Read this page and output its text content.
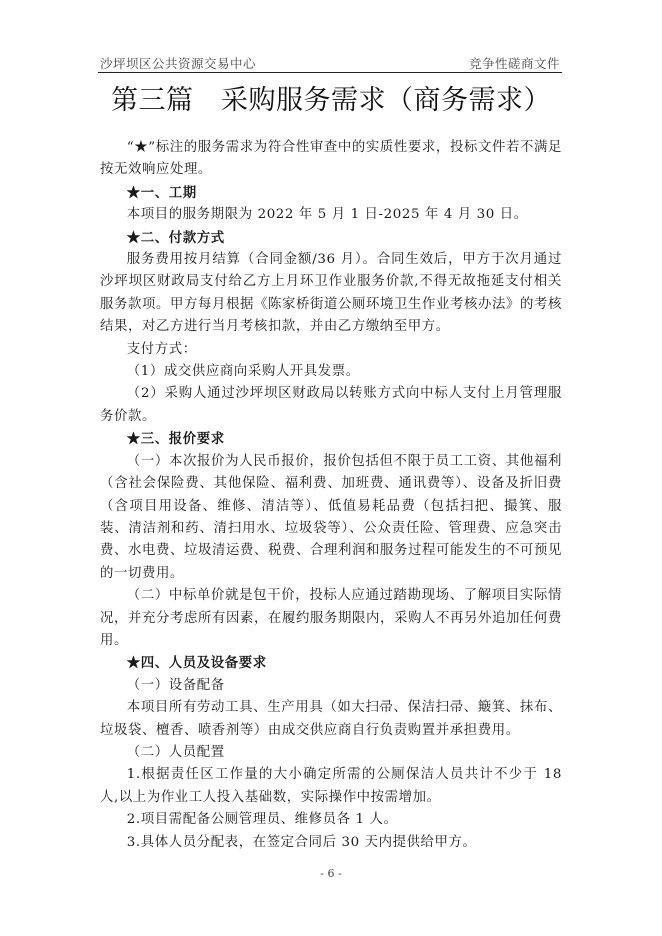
沙坪坝区公共资源交易中心	竞争性磋商文件
第三篇　采购服务需求（商务需求）

“★”标注的服务需求为符合性审查中的实质性要求，投标文件若不满足按无效响应处理。

★一、工期

本项目的服务期限为 2022 年 5 月 1 日-2025 年 4 月 30 日。

★二、付款方式

服务费用按月结算（合同金额/36 月）。合同生效后，甲方于次月通过沙坪坝区财政局支付给乙方上月环卫作业服务价款,不得无故拖延支付相关服务款项。甲方每月根据《陈家桥街道公厕环境卫生作业考核办法》的考核结果，对乙方进行当月考核扣款，并由乙方缴纳至甲方。

支付方式：

（1）成交供应商向采购人开具发票。

（2）采购人通过沙坪坝区财政局以转账方式向中标人支付上月管理服务价款。

★三、报价要求

（一）本次报价为人民币报价，报价包括但不限于员工工资、其他福利（含社会保险费、其他保险、福利费、加班费、通讯费等）、设备及折旧费（含项目用设备、维修、清洁等）、低值易耗品费（包括扫把、撮箕、服装、清洁剂和药、清扫用水、垃圾袋等）、公众责任险、管理费、应急突击费、水电费、垃圾清运费、税费、合理利润和服务过程可能发生的不可预见的一切费用。

（二）中标单价就是包干价，投标人应通过踏勘现场、了解项目实际情况，并充分考虑所有因素，在履约服务期限内，采购人不再另外追加任何费用。

★四、人员及设备要求

（一）设备配备

本项目所有劳动工具、生产用具（如大扫帚、保洁扫帚、簸箕、抹布、垃圾袋、檀香、喷香剂等）由成交供应商自行负责购置并承担费用。

（二）人员配置

1.根据责任区工作量的大小确定所需的公厕保洁人员共计不少于 18 人,以上为作业工人投入基础数，实际操作中按需增加。

2.项目需配备公厕管理员、维修员各 1 人。

3.具体人员分配表，在签定合同后 30 天内提供给甲方。

- 6 -
